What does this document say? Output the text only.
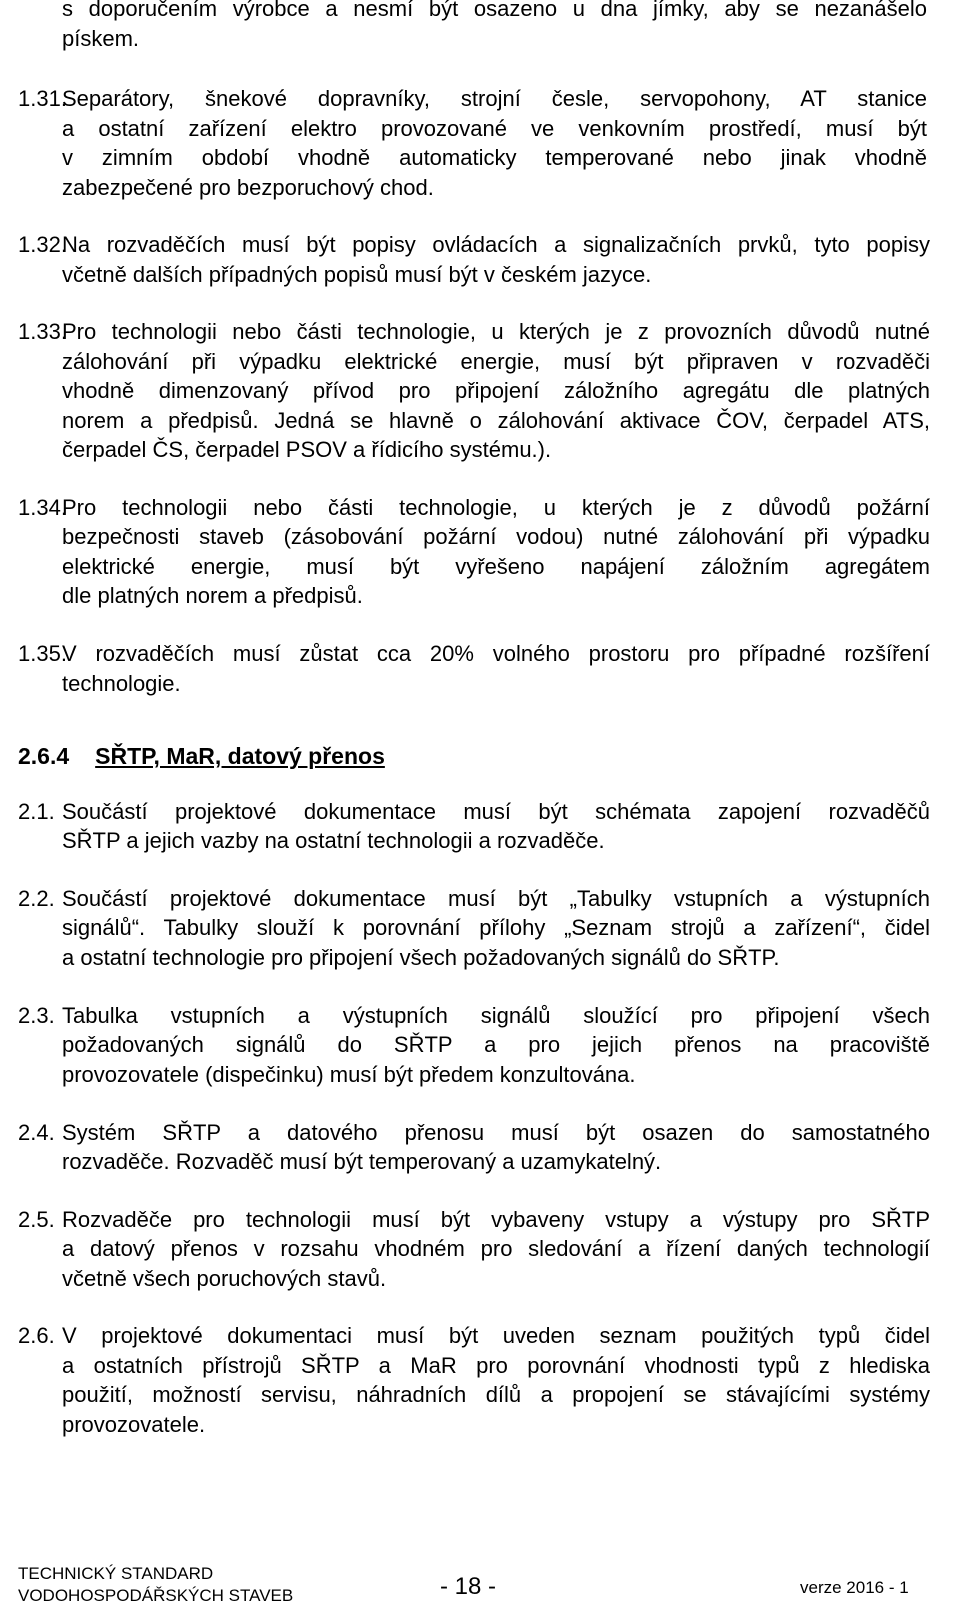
s doporučením výrobce a nesmí být osazeno u dna jímky, aby se nezanášelo
pískem.
1.31.
Separátory, šnekové dopravníky, strojní česle, servopohony, AT stanice
a ostatní zařízení elektro provozované ve venkovním prostředí, musí být
v zimním období vhodně automaticky temperované nebo jinak vhodně
zabezpečené pro bezporuchový chod.
1.32.
Na rozvaděčích musí být popisy ovládacích a signalizačních prvků, tyto popisy
včetně dalších případných popisů musí být v českém jazyce.
1.33.
Pro technologii nebo části technologie, u kterých je z provozních důvodů nutné
zálohování při výpadku elektrické energie, musí být připraven v rozvaděči
vhodně dimenzovaný přívod pro připojení záložního agregátu dle platných
norem a předpisů. Jedná se hlavně o zálohování aktivace ČOV, čerpadel ATS,
čerpadel ČS, čerpadel PSOV a řídicího systému.).
1.34.
Pro technologii nebo části technologie, u kterých je z důvodů požární
bezpečnosti staveb (zásobování požární vodou) nutné zálohování při výpadku
elektrické energie, musí být vyřešeno napájení záložním agregátem
dle platných norem a předpisů.
1.35.
V rozvaděčích musí zůstat cca 20% volného prostoru pro případné rozšíření
technologie.
2.6.4 SŘTP, MaR, datový přenos
2.1. Součástí projektové dokumentace musí být schémata zapojení rozvaděčů
SŘTP a jejich vazby na ostatní technologii a rozvaděče.
2.2. Součástí projektové dokumentace musí být „Tabulky vstupních a výstupních
signálů“. Tabulky slouží k porovnání přílohy „Seznam strojů a zařízení“, čidel
a ostatní technologie pro připojení všech požadovaných signálů do SŘTP.
2.3. Tabulka vstupních a výstupních signálů sloužící pro připojení všech
požadovaných signálů do SŘTP a pro jejich přenos na pracoviště
provozovatele (dispečinku) musí být předem konzultována.
2.4. Systém SŘTP a datového přenosu musí být osazen do samostatného
rozvaděče. Rozvaděč musí být temperovaný a uzamykatelný.
2.5. Rozvaděče pro technologii musí být vybaveny vstupy a výstupy pro SŘTP
a datový přenos v rozsahu vhodném pro sledování a řízení daných technologií
včetně všech poruchových stavů.
2.6. V projektové dokumentaci musí být uveden seznam použitých typů čidel
a ostatních přístrojů SŘTP a MaR pro porovnání vhodnosti typů z hlediska
použití, možností servisu, náhradních dílů a propojení se stávajícími systémy
provozovatele.
TECHNICKÝ STANDARD
VODOHOSPODÁŘSKÝCH STAVEB	- 18 -	verze 2016 - 1
